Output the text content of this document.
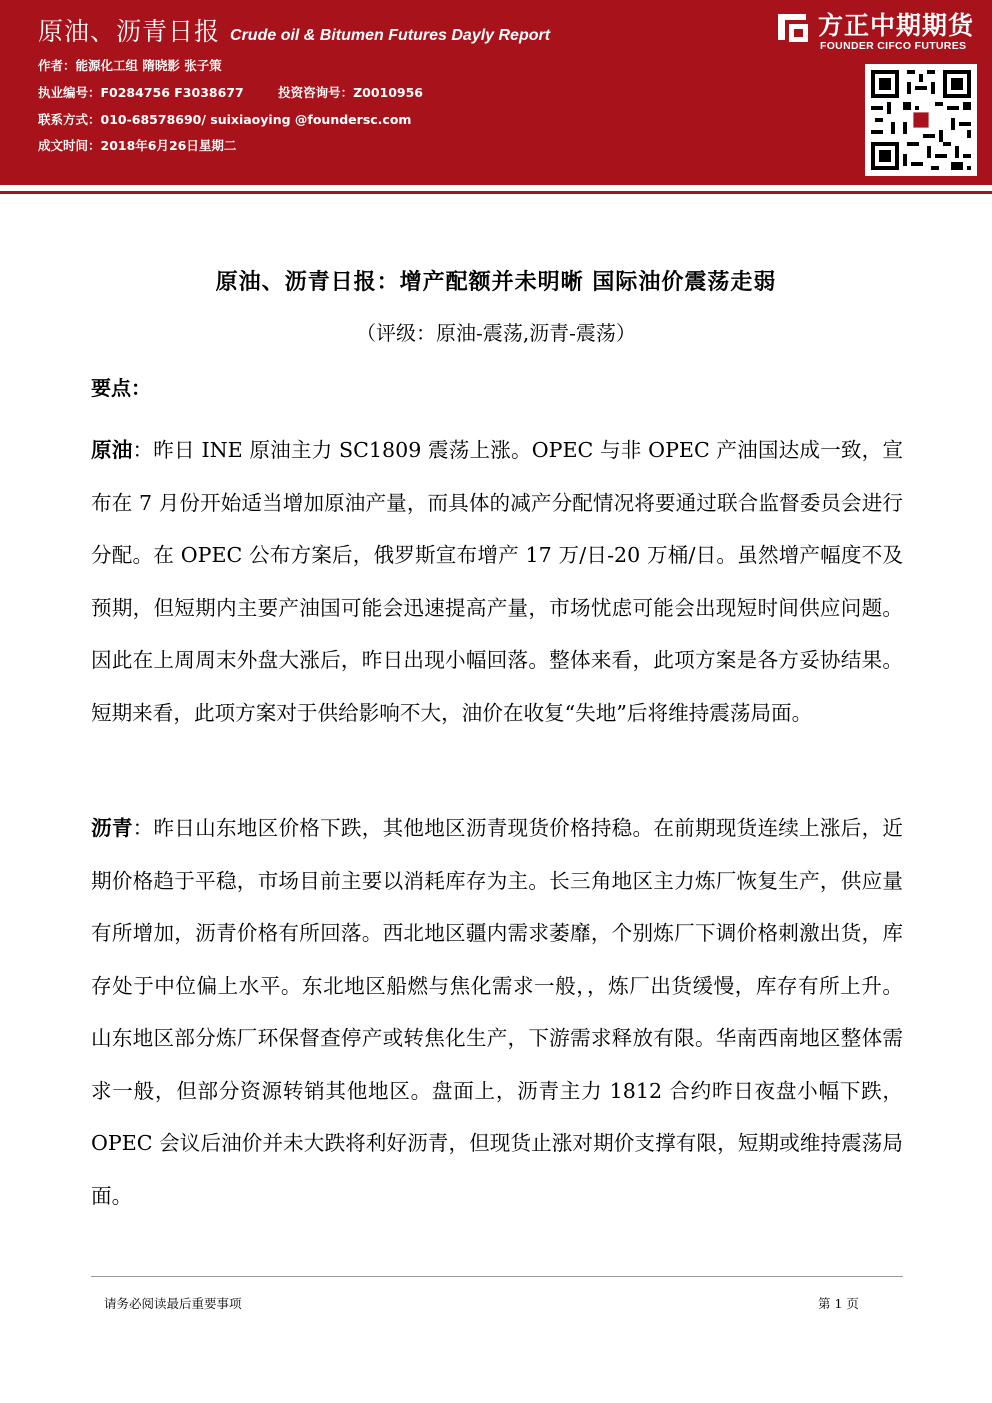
原油、沥青日报 Crude oil & Bitumen Futures Dayly Report
作者：能源化工组 隋晓影 张子策
执业编号：F0284756 F3038677	投资咨询号：Z0010956
联系方式：010-68578690/ suixiaoying @foundersc.com
成文时间：2018年6月26日星期二
方正中期期货
FOUNDER CIFCO FUTURES
原油、沥青日报：增产配额并未明晰 国际油价震荡走弱
（评级：原油-震荡,沥青-震荡）
要点：
原油：昨日 INE 原油主力 SC1809 震荡上涨。OPEC 与非 OPEC 产油国达成一致，宣布在 7 月份开始适当增加原油产量，而具体的减产分配情况将要通过联合监督委员会进行分配。在 OPEC 公布方案后，俄罗斯宣布增产 17 万/日-20 万桶/日。虽然增产幅度不及预期，但短期内主要产油国可能会迅速提高产量，市场忧虑可能会出现短时间供应问题。因此在上周周末外盘大涨后，昨日出现小幅回落。整体来看，此项方案是各方妥协结果。短期来看，此项方案对于供给影响不大，油价在收复“失地”后将维持震荡局面。
沥青：昨日山东地区价格下跌，其他地区沥青现货价格持稳。在前期现货连续上涨后，近期价格趋于平稳，市场目前主要以消耗库存为主。长三角地区主力炼厂恢复生产，供应量有所增加，沥青价格有所回落。西北地区疆内需求萎靡，个别炼厂下调价格刺激出货，库存处于中位偏上水平。东北地区船燃与焦化需求一般，，炼厂出货缓慢，库存有所上升。山东地区部分炼厂环保督查停产或转焦化生产，下游需求释放有限。华南西南地区整体需求一般，但部分资源转销其他地区。盘面上，沥青主力 1812 合约昨日夜盘小幅下跌，OPEC 会议后油价并未大跌将利好沥青，但现货止涨对期价支撑有限，短期或维持震荡局面。
请务必阅读最后重要事项	第 1 页
